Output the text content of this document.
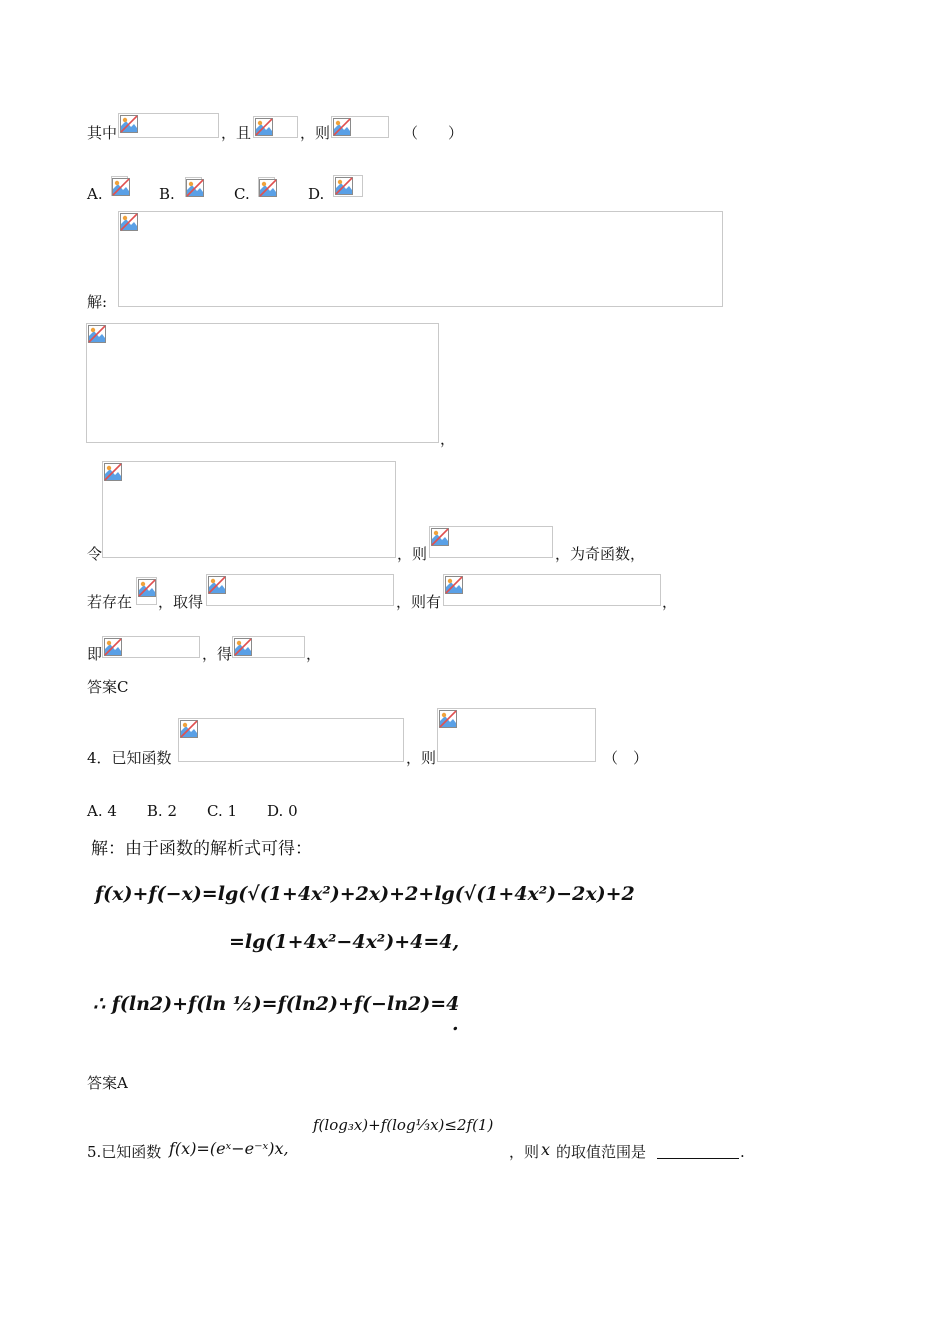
其中	，且	，则	（　　）
A.	B.	C.	D.
解:
，
令	，则	，为奇函数，
若存在 ，取得	，则有	，
即	，得	，
答案C
4．已知函数	，则	（　）
A. 4　　B. 2　　C. 1　　D. 0
解：由于函数的解析式可得：
f(x)+f(−x)=lg(√(1+4x²)+2x)+2+lg(√(1+4x²)−2x)+2
=lg(1+4x²−4x²)+4=4,
∴ f(ln2)+f(ln ½)=f(ln2)+f(−ln2)=4
.
答案A
5.已知函数 f(x)=(eˣ−e⁻ˣ)x,
f(log₃x)+f(log⅓x)≤2f(1)
，则 x 的取值范围是	.
